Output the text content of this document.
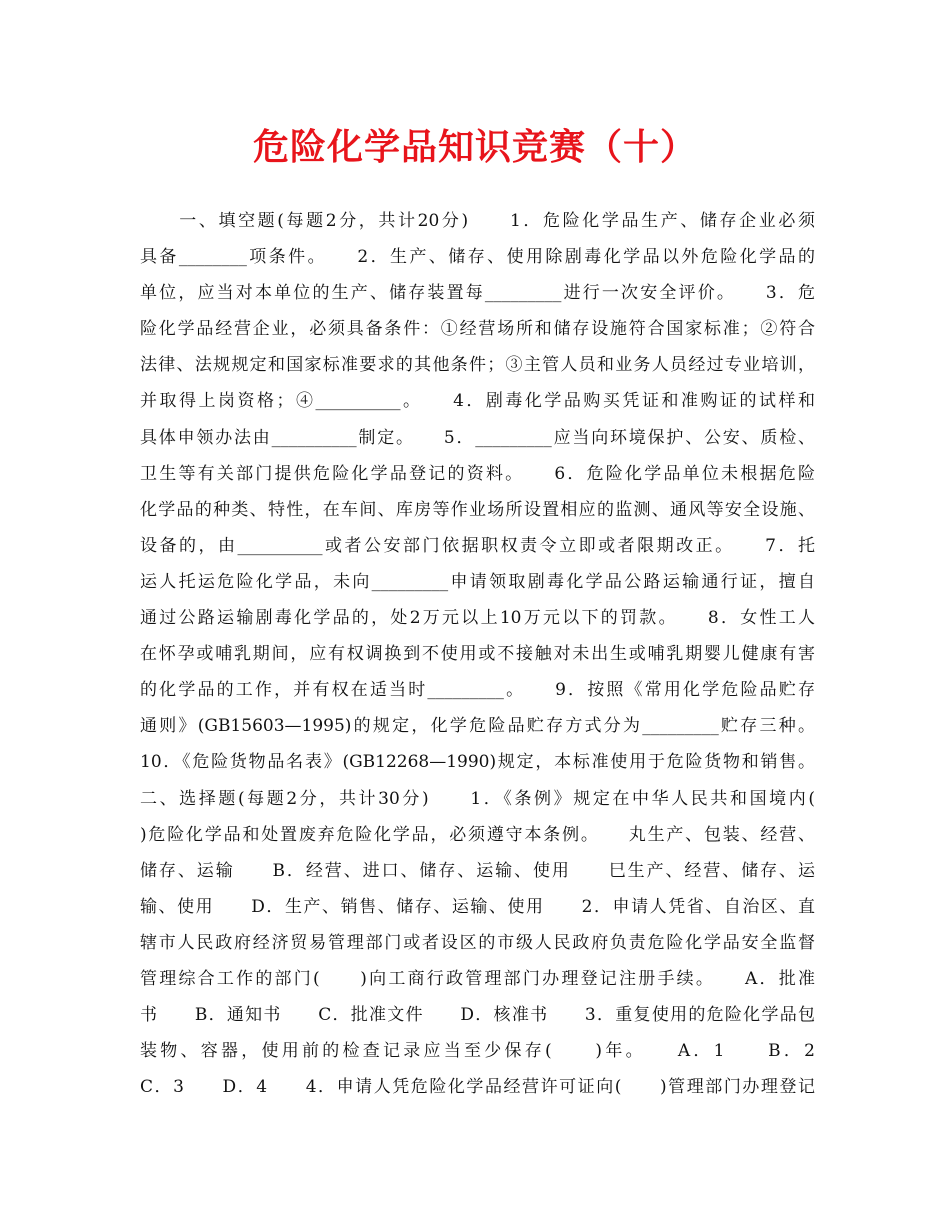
危险化学品知识竞赛（十）
　　一、填空题(每题2分，共计20分)　　1．危险化学品生产、储存企业必须
具备________项条件。　　2．生产、储存、使用除剧毒化学品以外危险化学品的
单位，应当对本单位的生产、储存装置每_________进行一次安全评价。　　3．危
险化学品经营企业，必须具备条件：①经营场所和储存设施符合国家标准；②符合
法律、法规规定和国家标准要求的其他条件；③主管人员和业务人员经过专业培训，
并取得上岗资格；④__________。　　4．剧毒化学品购买凭证和准购证的试样和
具体申领办法由__________制定。　　5．_________应当向环境保护、公安、质检、
卫生等有关部门提供危险化学品登记的资料。　　6．危险化学品单位未根据危险
化学品的种类、特性，在车间、库房等作业场所设置相应的监测、通风等安全设施、
设备的，由__________或者公安部门依据职权责令立即或者限期改正。　　7．托
运人托运危险化学品，未向_________申请领取剧毒化学品公路运输通行证，擅自
通过公路运输剧毒化学品的，处2万元以上10万元以下的罚款。　　8．女性工人
在怀孕或哺乳期间，应有权调换到不使用或不接触对未出生或哺乳期婴儿健康有害
的化学品的工作，并有权在适当时_________。　　9．按照《常用化学危险品贮存
通则》(GB15603—1995)的规定，化学危险品贮存方式分为_________贮存三种。
10．《危险货物品名表》(GB12268—1990)规定，本标准使用于危险货物和销售。
二、选择题(每题2分，共计30分)　　1．《条例》规定在中华人民共和国境内(
)危险化学品和处置废弃危险化学品，必须遵守本条例。　　丸生产、包装、经营、
储存、运输　　B．经营、进口、储存、运输、使用　　巳生产、经营、储存、运
输、使用　　D．生产、销售、储存、运输、使用　　2．申请人凭省、自治区、直
辖市人民政府经济贸易管理部门或者设区的市级人民政府负责危险化学品安全监督
管理综合工作的部门(　　)向工商行政管理部门办理登记注册手续。　　A．批准
书　　B．通知书　　C．批准文件　　D．核准书　　3．重复使用的危险化学品包
装物、容器，使用前的检查记录应当至少保存(　　)年。　　A．1　　B．2
C．3　　D．4　　4．申请人凭危险化学品经营许可证向(　　)管理部门办理登记
